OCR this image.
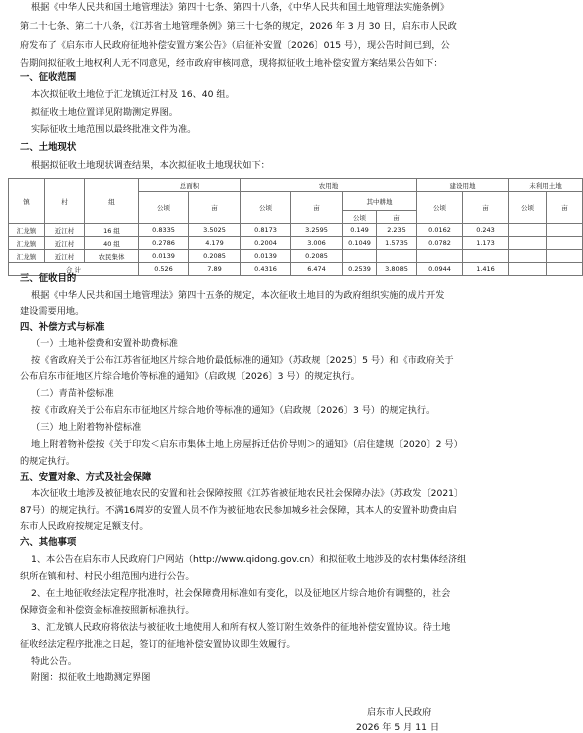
根据《中华人民共和国土地管理法》第四十七条、第四十八条，《中华人民共和国土地管理法实施条例》
第二十七条、第二十八条，《江苏省土地管理条例》第三十七条的规定，2026 年 3 月 30 日，启东市人民政
府发布了《启东市人民政府征地补偿安置方案公告》（启征补安置〔2026〕015 号），现公告时间已到，公
告期间拟征收土地权利人无不同意见，经市政府审核同意，现将拟征收土地补偿安置方案结果公告如下：
一、征收范围
本次拟征收土地位于汇龙镇近江村及 16、40 组。
拟征收土地位置详见附勘测定界图。
实际征收土地范围以最终批准文件为准。
二、土地现状
根据拟征收土地现状调查结果，本次拟征收土地现状如下：
镇	村	组	总面积		农用地				建设用地		未利用土地	
			公顷	亩	公顷	亩	其中耕地		公顷	亩	公顷	亩
							公顷	亩				
汇龙镇	近江村	16 组	0.8335	3.5025	0.8173	3.2595	0.149	2.235	0.0162	0.243		
汇龙镇	近江村	40 组	0.2786	4.179	0.2004	3.006	0.1049	1.5735	0.0782	1.173		
汇龙镇	近江村	农民集体	0.0139	0.2085	0.0139	0.2085						
合 计			0.526	7.89	0.4316	6.474	0.2539	3.8085	0.0944	1.416		
三、征收目的
根据《中华人民共和国土地管理法》第四十五条的规定，本次征收土地目的为政府组织实施的成片开发
建设需要用地。
四、补偿方式与标准
（一）土地补偿费和安置补助费标准
按《省政府关于公布江苏省征地区片综合地价最低标准的通知》（苏政规〔2025〕5 号）和《市政府关于
公布启东市征地区片综合地价等标准的通知》（启政规〔2026〕3 号）的规定执行。
（二）青苗补偿标准
按《市政府关于公布启东市征地区片综合地价等标准的通知》（启政规〔2026〕3 号）的规定执行。
（三）地上附着物补偿标准
地上附着物补偿按《关于印发＜启东市集体土地上房屋拆迁估价导则＞的通知》（启住建规〔2020〕2 号）
的规定执行。
五、安置对象、方式及社会保障
本次征收土地涉及被征地农民的安置和社会保障按照《江苏省被征地农民社会保障办法》（苏政发〔2021〕
87号）的规定执行。不满16周岁的安置人员不作为被征地农民参加城乡社会保障，其本人的安置补助费由启
东市人民政府按规定足额支付。
六、其他事项
1、本公告在启东市人民政府门户网站（http://www.qidong.gov.cn）和拟征收土地涉及的农村集体经济组
织所在镇和村、村民小组范围内进行公告。
2、在土地征收经法定程序批准时，社会保障费用标准如有变化，以及征地区片综合地价有调整的，社会
保障资金和补偿资金标准按照新标准执行。
3、汇龙镇人民政府将依法与被征收土地使用人和所有权人签订附生效条件的征地补偿安置协议。待土地
征收经法定程序批准之日起，签订的征地补偿安置协议即生效履行。
特此公告。
附图：拟征收土地勘测定界图
启东市人民政府
2026 年 5 月 11 日
